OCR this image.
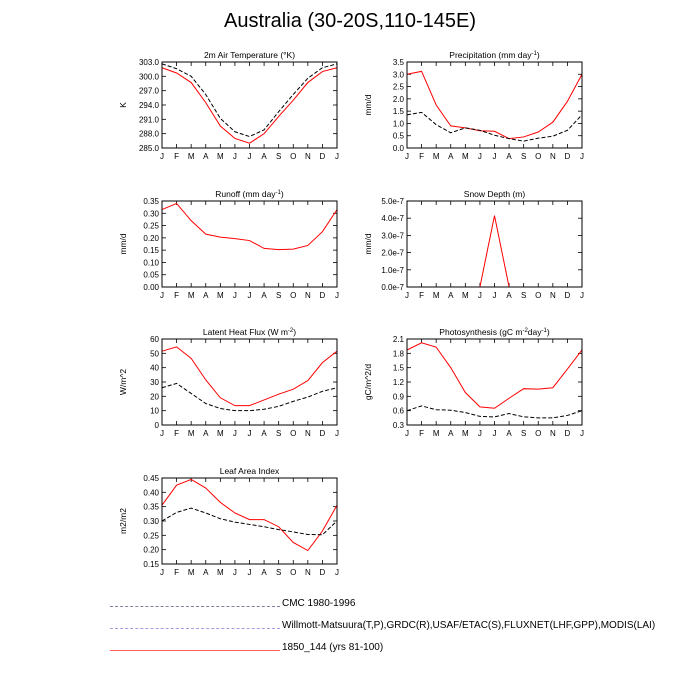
Australia (30-20S,110-145E)
2m Air Temperature (°K)
K
303.0
300.0
297.0
294.0
291.0
288.0
285.0
J F M A M J J A S O N D J
Precipitation (mm day$^{-1}$)
mm/d
3.5
3.0
2.5
2.0
1.5
1.0
0.5
0.0
J F M A M J J A S O N D J
Runoff (mm day$^{-1}$)
mm/d
0.35
0.30
0.25
0.20
0.15
0.10
0.05
0.00
J F M A M J J A S O N D J
Snow Depth (m)
mm/d
5.0e-7
4.0e-7
3.0e-7
2.0e-7
1.0e-7
0.0e-7
J F M A M J J A S O N D J
Latent Heat Flux (W $m^{-2}$)
W/m^2
60
50
40
30
20
10
0
J F M A M J J A S O N D J
Photosynthesis (gC $m^{-2}day^{-1}$)
gC/m^2/d
2.1
1.8
1.5
1.2
0.9
0.6
0.3
J F M A M J J A S O N D J
Leaf Area Index
m2/m2
0.45
0.40
0.35
0.30
0.25
0.20
0.15
J F M A M J J A S O N D J
CMC 1980-1996
Willmott-Matsuura(T,P),GRDC(R),USAF/ETAC(S),FLUXNET(LHF,GPP),MODIS(LAI)
1850_144 (yrs 81-100)
